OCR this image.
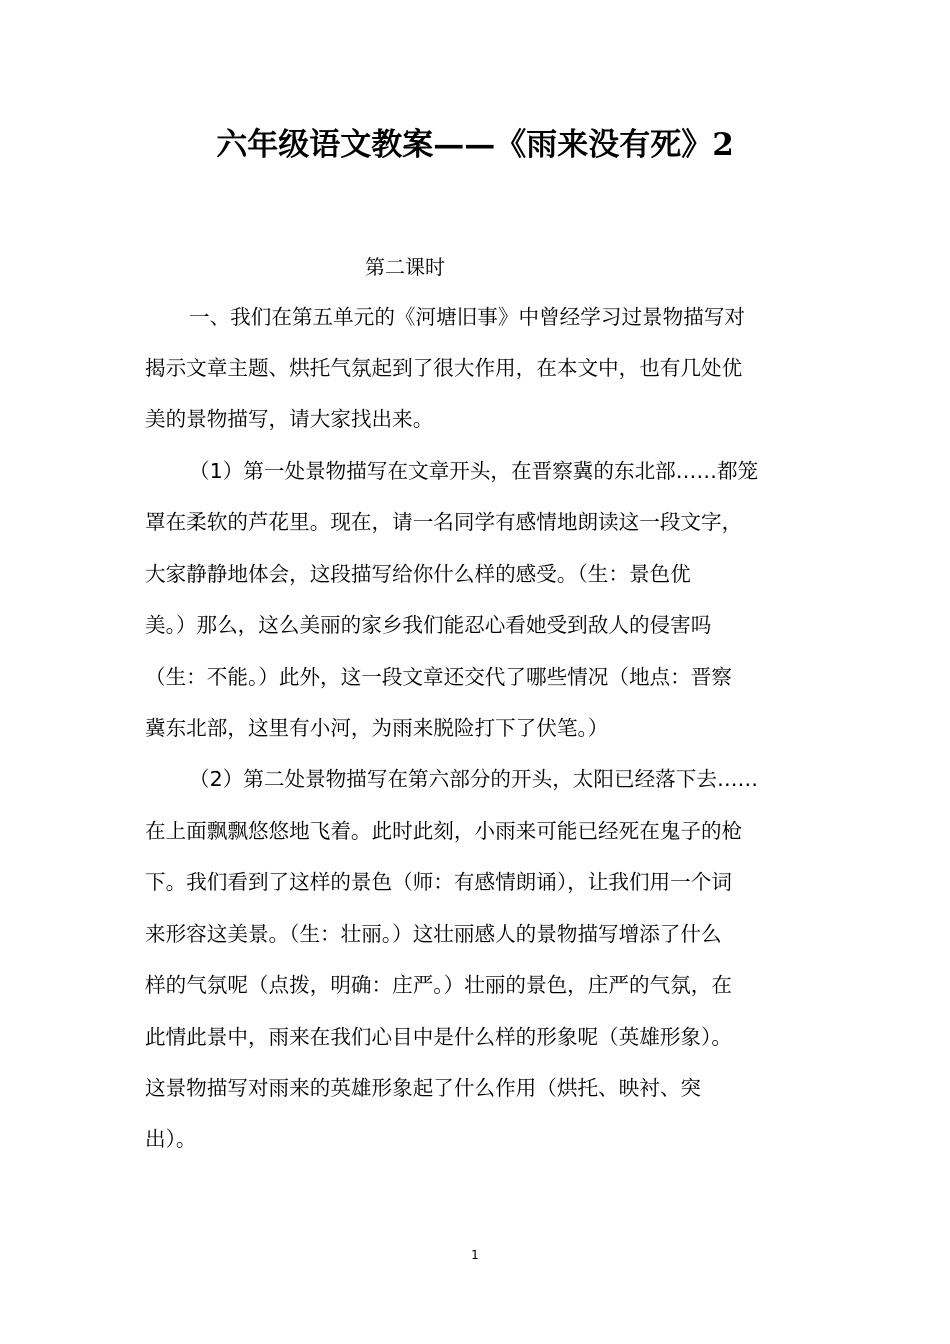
六年级语文教案——《雨来没有死》2
第二课时
一、我们在第五单元的《河塘旧事》中曾经学习过景物描写对
揭示文章主题、烘托气氛起到了很大作用，在本文中，也有几处优
美的景物描写，请大家找出来。
（1）第一处景物描写在文章开头，在晋察冀的东北部……都笼
罩在柔软的芦花里。现在，请一名同学有感情地朗读这一段文字，
大家静静地体会，这段描写给你什么样的感受。（生：景色优
美。）那么，这么美丽的家乡我们能忍心看她受到敌人的侵害吗
（生：不能。）此外，这一段文章还交代了哪些情况（地点：晋察
冀东北部，这里有小河，为雨来脱险打下了伏笔。）
（2）第二处景物描写在第六部分的开头，太阳已经落下去……
在上面飘飘悠悠地飞着。此时此刻，小雨来可能已经死在鬼子的枪
下。我们看到了这样的景色（师：有感情朗诵），让我们用一个词
来形容这美景。（生：壮丽。）这壮丽感人的景物描写增添了什么
样的气氛呢（点拨，明确：庄严。）壮丽的景色，庄严的气氛，在
此情此景中，雨来在我们心目中是什么样的形象呢（英雄形象）。
这景物描写对雨来的英雄形象起了什么作用（烘托、映衬、突
出）。
1
